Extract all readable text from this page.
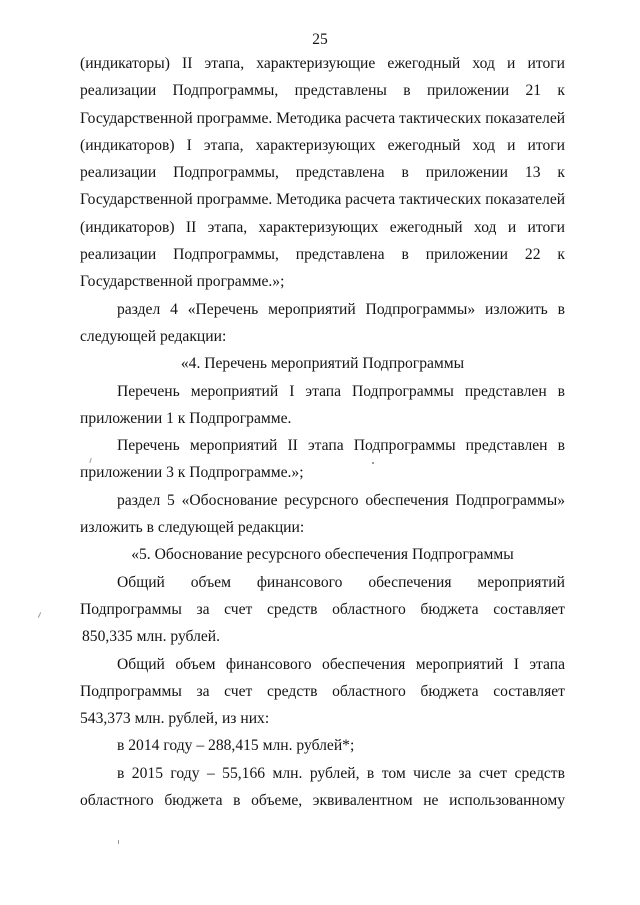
25
(индикаторы) II этапа, характеризующие ежегодный ход и итоги
реализации Подпрограммы, представлены в приложении 21 к
Государственной программе. Методика расчета тактических показателей
(индикаторов) I этапа, характеризующих ежегодный ход и итоги
реализации Подпрограммы, представлена в приложении 13 к
Государственной программе. Методика расчета тактических показателей
(индикаторов) II этапа, характеризующих ежегодный ход и итоги
реализации Подпрограммы, представлена в приложении 22 к
Государственной программе.»;
раздел 4 «Перечень мероприятий Подпрограммы» изложить в
следующей редакции:
«4. Перечень мероприятий Подпрограммы
Перечень мероприятий I этапа Подпрограммы представлен в
приложении 1 к Подпрограмме.
Перечень мероприятий II этапа Подпрограммы представлен в
приложении 3 к Подпрограмме.»;
раздел 5 «Обоснование ресурсного обеспечения Подпрограммы»
изложить в следующей редакции:
«5. Обоснование ресурсного обеспечения Подпрограммы
Общий объем финансового обеспечения мероприятий
Подпрограммы за счет средств областного бюджета составляет
850,335 млн. рублей.
Общий объем финансового обеспечения мероприятий I этапа
Подпрограммы за счет средств областного бюджета составляет
543,373 млн. рублей, из них:
в 2014 году – 288,415 млн. рублей*;
в 2015 году – 55,166 млн. рублей, в том числе за счет средств
областного бюджета в объеме, эквивалентном не использованному
